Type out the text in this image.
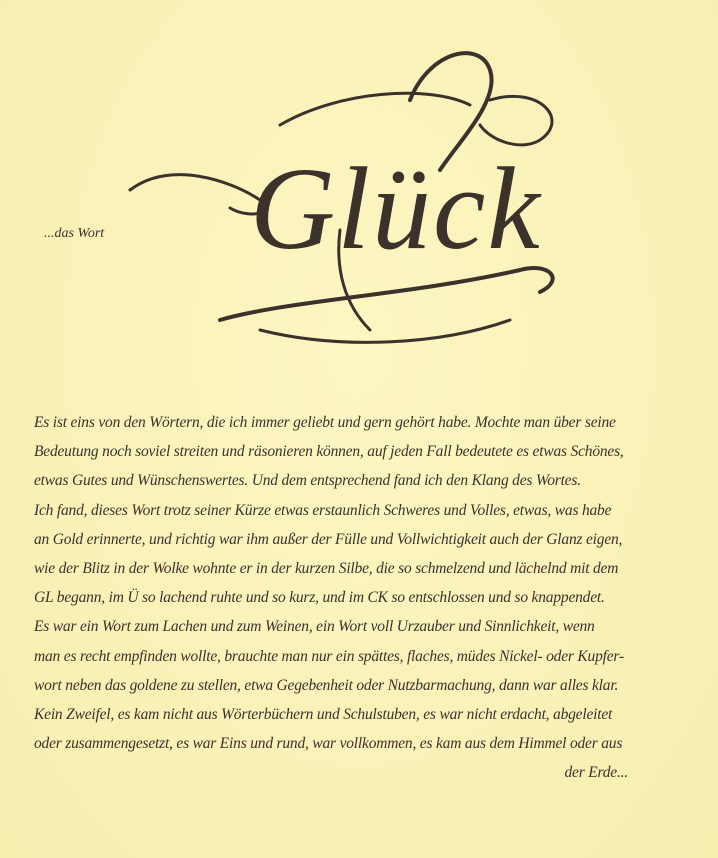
Glück
...das Wort
Es ist eins von den Wörtern, die ich immer geliebt und gern gehört habe. Mochte man über seine
Bedeutung noch soviel streiten und räsonieren können, auf jeden Fall bedeutete es etwas Schönes,
etwas Gutes und Wünschenswertes. Und dem entsprechend fand ich den Klang des Wortes.
Ich fand, dieses Wort trotz seiner Kürze etwas erstaunlich Schweres und Volles, etwas, was habe
an Gold erinnerte, und richtig war ihm außer der Fülle und Vollwichtigkeit auch der Glanz eigen,
wie der Blitz in der Wolke wohnte er in der kurzen Silbe, die so schmelzend und lächelnd mit dem
GL begann, im Ü so lachend ruhte und so kurz, und im CK so entschlossen und so knappendet.
Es war ein Wort zum Lachen und zum Weinen, ein Wort voll Urzauber und Sinnlichkeit, wenn
man es recht empfinden wollte, brauchte man nur ein spättes, flaches, müdes Nickel- oder Kupfer-
wort neben das goldene zu stellen, etwa Gegebenheit oder Nutzbarmachung, dann war alles klar.
Kein Zweifel, es kam nicht aus Wörterbüchern und Schulstuben, es war nicht erdacht, abgeleitet
oder zusammengesetzt, es war Eins und rund, war vollkommen, es kam aus dem Himmel oder aus
der Erde...
